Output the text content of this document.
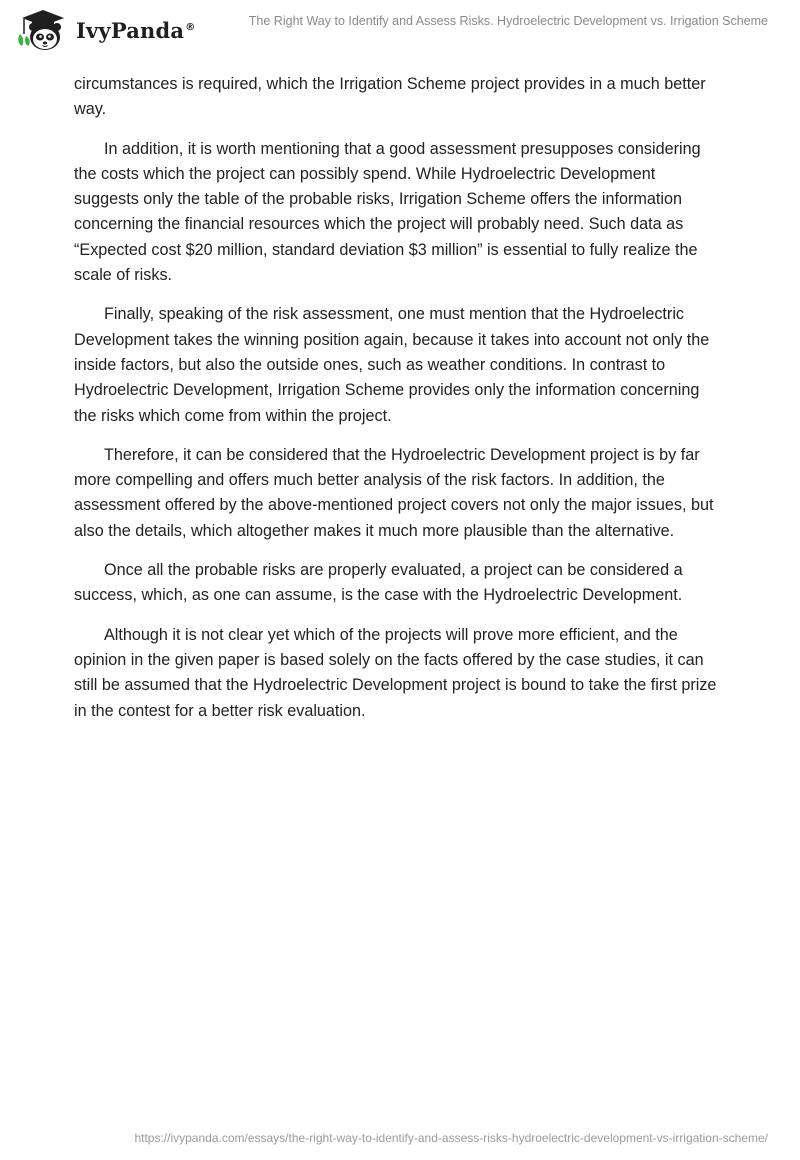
IvyPanda®	The Right Way to Identify and Assess Risks. Hydroelectric Development vs. Irrigation Scheme

circumstances is required, which the Irrigation Scheme project provides in a much better way.

In addition, it is worth mentioning that a good assessment presupposes considering the costs which the project can possibly spend. While Hydroelectric Development suggests only the table of the probable risks, Irrigation Scheme offers the information concerning the financial resources which the project will probably need. Such data as “Expected cost $20 million, standard deviation $3 million” is essential to fully realize the scale of risks.

Finally, speaking of the risk assessment, one must mention that the Hydroelectric Development takes the winning position again, because it takes into account not only the inside factors, but also the outside ones, such as weather conditions. In contrast to Hydroelectric Development, Irrigation Scheme provides only the information concerning the risks which come from within the project.

Therefore, it can be considered that the Hydroelectric Development project is by far more compelling and offers much better analysis of the risk factors. In addition, the assessment offered by the above-mentioned project covers not only the major issues, but also the details, which altogether makes it much more plausible than the alternative.

Once all the probable risks are properly evaluated, a project can be considered a success, which, as one can assume, is the case with the Hydroelectric Development.

Although it is not clear yet which of the projects will prove more efficient, and the opinion in the given paper is based solely on the facts offered by the case studies, it can still be assumed that the Hydroelectric Development project is bound to take the first prize in the contest for a better risk evaluation.

https://ivypanda.com/essays/the-right-way-to-identify-and-assess-risks-hydroelectric-development-vs-irrigation-scheme/
